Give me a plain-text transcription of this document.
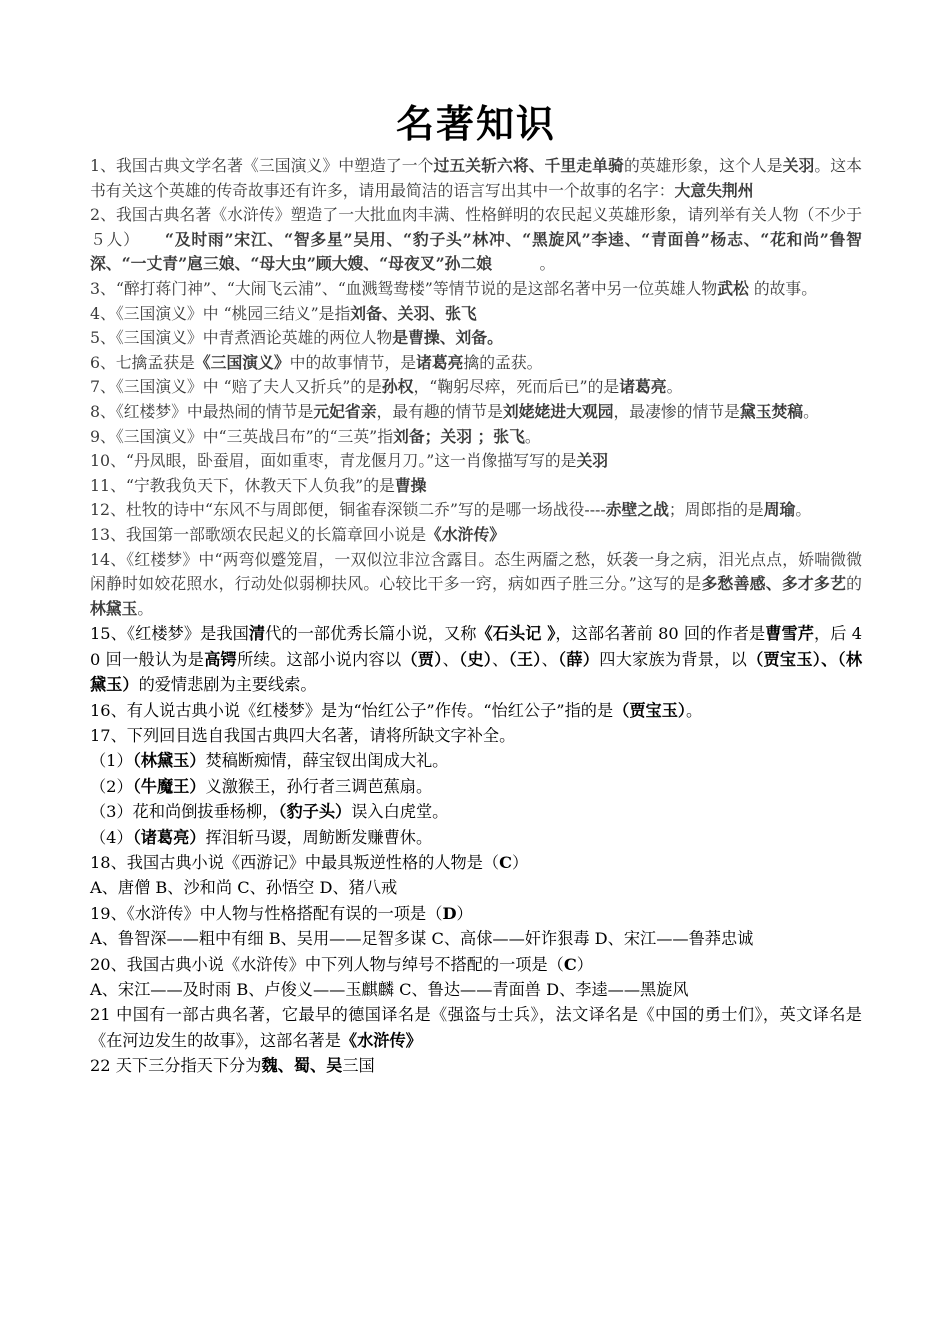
名著知识

1、我国古典文学名著《三国演义》中塑造了一个过五关斩六将、千里走单骑的英雄形象，这个人是关羽。这本书有关这个英雄的传奇故事还有许多，请用最简洁的语言写出其中一个故事的名字：大意失荆州

2、我国古典名著《水浒传》塑造了一大批血肉丰满、性格鲜明的农民起义英雄形象，请列举有关人物（不少于５人）　　“及时雨”宋江、“智多星”吴用、“豹子头”林冲、“黑旋风”李逵、“青面兽”杨志、“花和尚”鲁智深、“一丈青”扈三娘、“母大虫”顾大嫂、“母夜叉”孙二娘　　　。

3、“醉打蒋门神”、“大闹飞云浦”、“血溅鸳鸯楼”等情节说的是这部名著中另一位英雄人物武松 的故事。

4、《三国演义》中 “桃园三结义”是指刘备、关羽、张飞

5、《三国演义》中青煮酒论英雄的两位人物是曹操、刘备。

6、七擒孟获是《三国演义》中的故事情节，是诸葛亮擒的孟获。

7、《三国演义》中 “赔了夫人又折兵”的是孙权，“鞠躬尽瘁，死而后已”的是诸葛亮。

8、《红楼梦》中最热闹的情节是元妃省亲，最有趣的情节是刘姥姥进大观园，最凄惨的情节是黛玉焚稿。

9、《三国演义》中“三英战吕布”的“三英”指刘备；关羽 ；张飞。

10、“丹凤眼，卧蚕眉，面如重枣，青龙偃月刀。”这一肖像描写写的是关羽

11、“宁教我负天下，休教天下人负我”的是曹操

12、杜牧的诗中“东风不与周郎便，铜雀春深锁二乔”写的是哪一场战役----赤壁之战；周郎指的是周瑜。

13、我国第一部歌颂农民起义的长篇章回小说是《水浒传》

14、《红楼梦》中“两弯似蹙笼眉，一双似泣非泣含露目。态生两靥之愁，妖袭一身之病，泪光点点，娇喘微微闲静时如姣花照水，行动处似弱柳扶风。心较比干多一窍，病如西子胜三分。”这写的是多愁善感、多才多艺的林黛玉。

15、《红楼梦》是我国清代的一部优秀长篇小说，又称《石头记 》，这部名著前 80 回的作者是曹雪芹，后 40 回一般认为是高锷所续。这部小说内容以（贾）、（史）、（王）、（薛）四大家族为背景，以（贾宝玉）、（林黛玉）的爱情悲剧为主要线索。

16、有人说古典小说《红楼梦》是为“怡红公子”作传。“怡红公子”指的是（贾宝玉）。

17、下列回目选自我国古典四大名著，请将所缺文字补全。

（1）（林黛玉）焚稿断痴情，薛宝钗出闺成大礼。

（2）（牛魔王）义激猴王，孙行者三调芭蕉扇。

（3）花和尚倒拔垂杨柳，（豹子头）误入白虎堂。

（4）（诸葛亮）挥泪斩马谡，周鲂断发赚曹休。

18、我国古典小说《西游记》中最具叛逆性格的人物是（C）

A、唐僧 B、沙和尚 C、孙悟空 D、猪八戒

19、《水浒传》中人物与性格搭配有误的一项是（D）

A、鲁智深——粗中有细 B、吴用——足智多谋 C、高俅——奸诈狠毒 D、宋江——鲁莽忠诚

20、我国古典小说《水浒传》中下列人物与绰号不搭配的一项是（C）

A、宋江——及时雨 B、卢俊义——玉麒麟 C、鲁达——青面兽 D、李逵——黑旋风

21 中国有一部古典名著，它最早的德国译名是《强盗与士兵》，法文译名是《中国的勇士们》，英文译名是《在河边发生的故事》，这部名著是《水浒传》

22 天下三分指天下分为魏、蜀、吴三国
